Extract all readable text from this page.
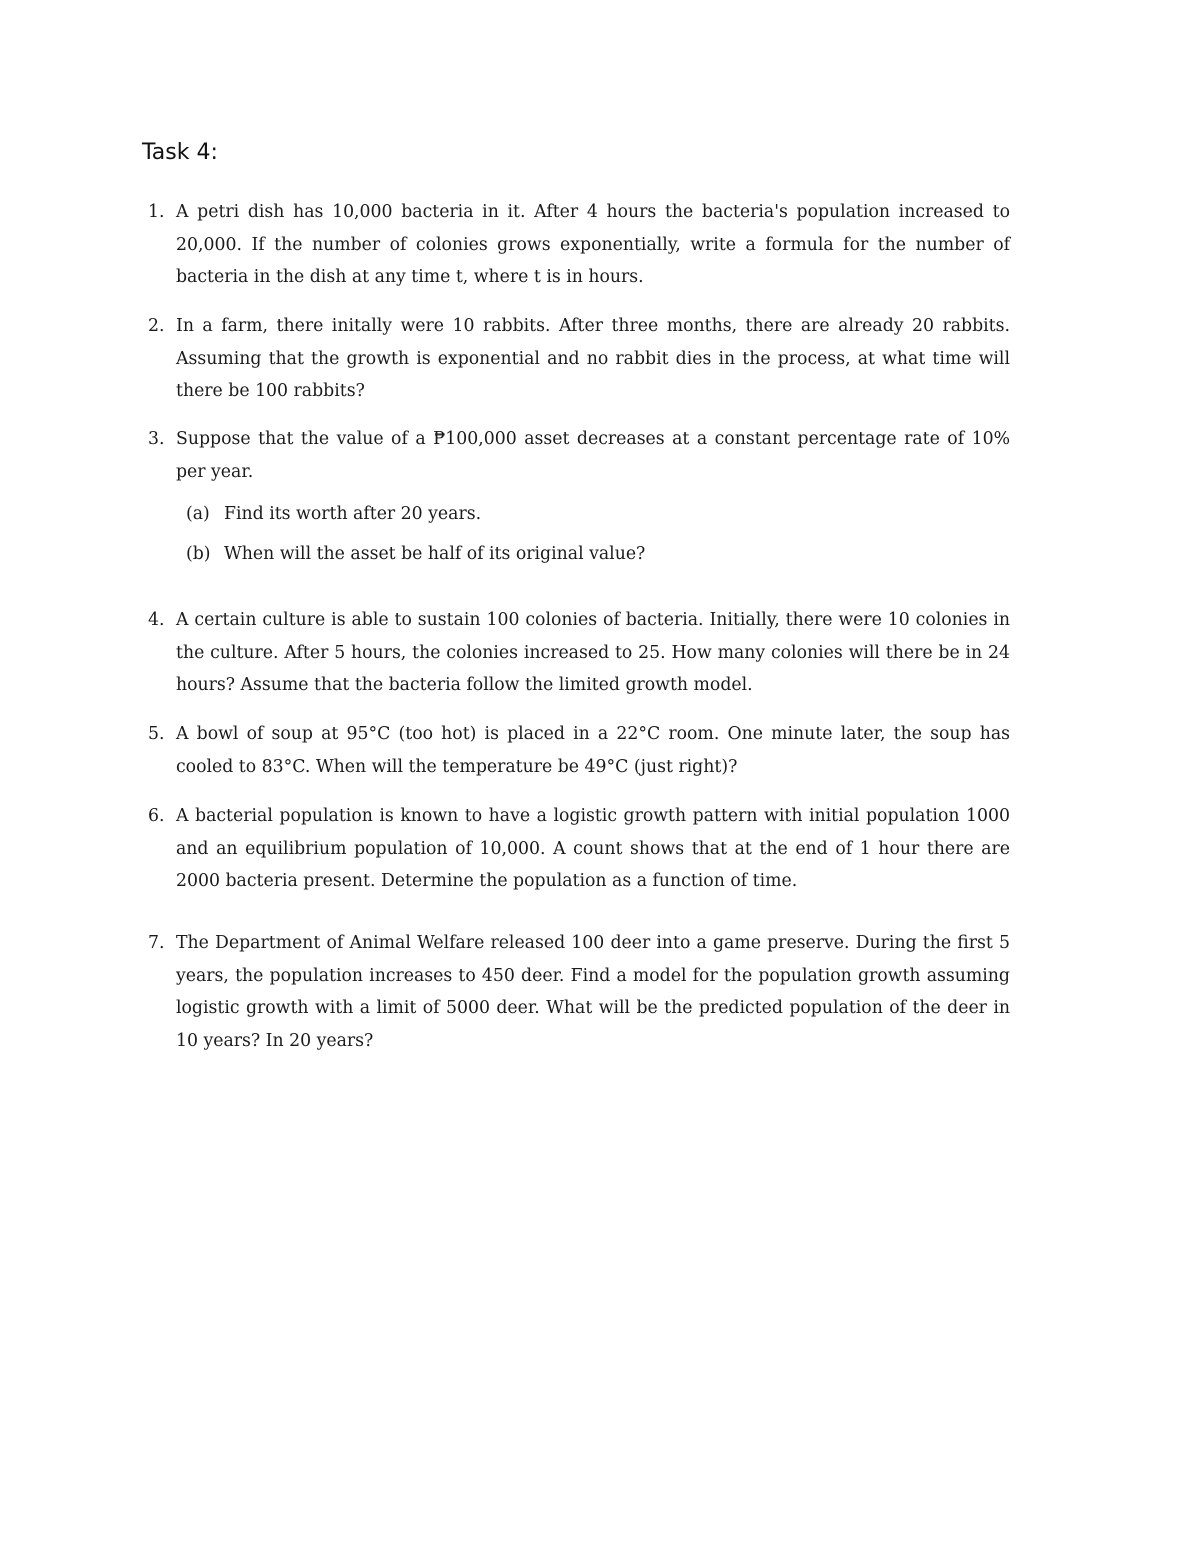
Task 4:
1. A petri dish has 10,000 bacteria in it. After 4 hours the bacteria's population increased to 20,000. If the number of colonies grows exponentially, write a formula for the number of bacteria in the dish at any time t, where t is in hours.
2. In a farm, there initally were 10 rabbits. After three months, there are already 20 rabbits. Assuming that the growth is exponential and no rabbit dies in the process, at what time will there be 100 rabbits?
3. Suppose that the value of a ₱100,000 asset decreases at a constant percentage rate of 10% per year.
(a) Find its worth after 20 years.
(b) When will the asset be half of its original value?
4. A certain culture is able to sustain 100 colonies of bacteria. Initially, there were 10 colonies in the culture. After 5 hours, the colonies increased to 25. How many colonies will there be in 24 hours? Assume that the bacteria follow the limited growth model.
5. A bowl of soup at 95°C (too hot) is placed in a 22°C room. One minute later, the soup has cooled to 83°C. When will the temperature be 49°C (just right)?
6. A bacterial population is known to have a logistic growth pattern with initial population 1000 and an equilibrium population of 10,000. A count shows that at the end of 1 hour there are 2000 bacteria present. Determine the population as a function of time.
7. The Department of Animal Welfare released 100 deer into a game preserve. During the first 5 years, the population increases to 450 deer. Find a model for the population growth assuming logistic growth with a limit of 5000 deer. What will be the predicted population of the deer in 10 years? In 20 years?
